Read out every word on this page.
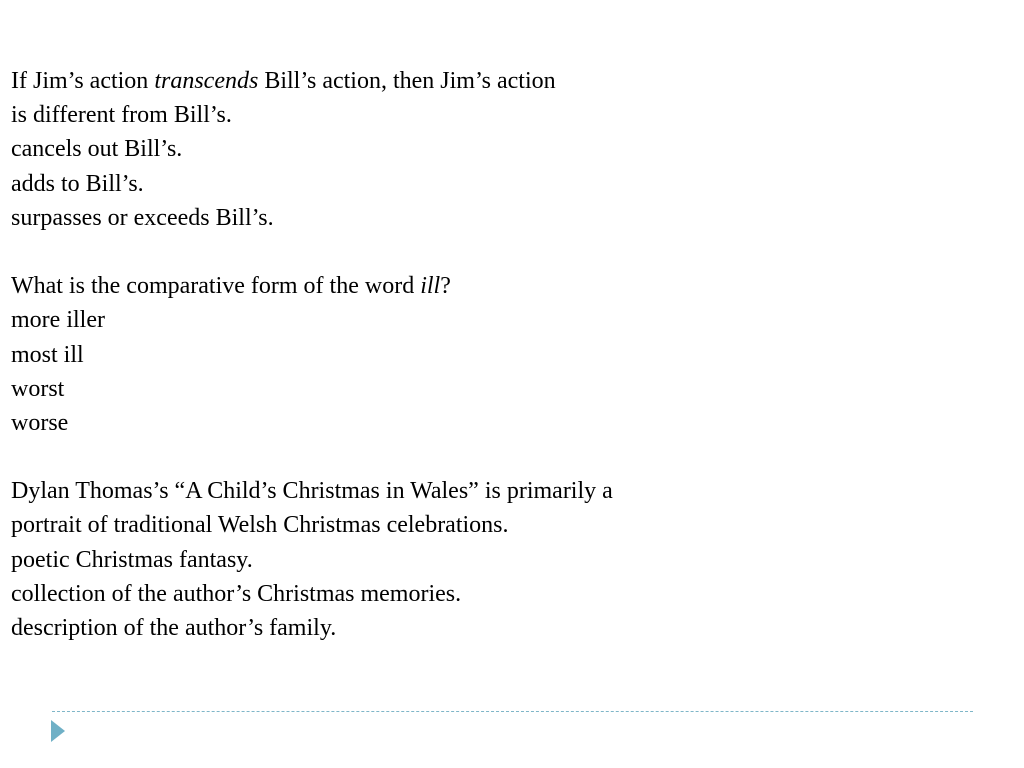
If Jim’s action transcends Bill’s action, then Jim’s action
is different from Bill’s.
cancels out Bill’s.
adds to Bill’s.
surpasses or exceeds Bill’s.
What is the comparative form of the word ill?
more iller
most ill
worst
worse
Dylan Thomas’s “A Child’s Christmas in Wales” is primarily a
portrait of traditional Welsh Christmas celebrations.
poetic Christmas fantasy.
collection of the author’s Christmas memories.
description of the author’s family.
